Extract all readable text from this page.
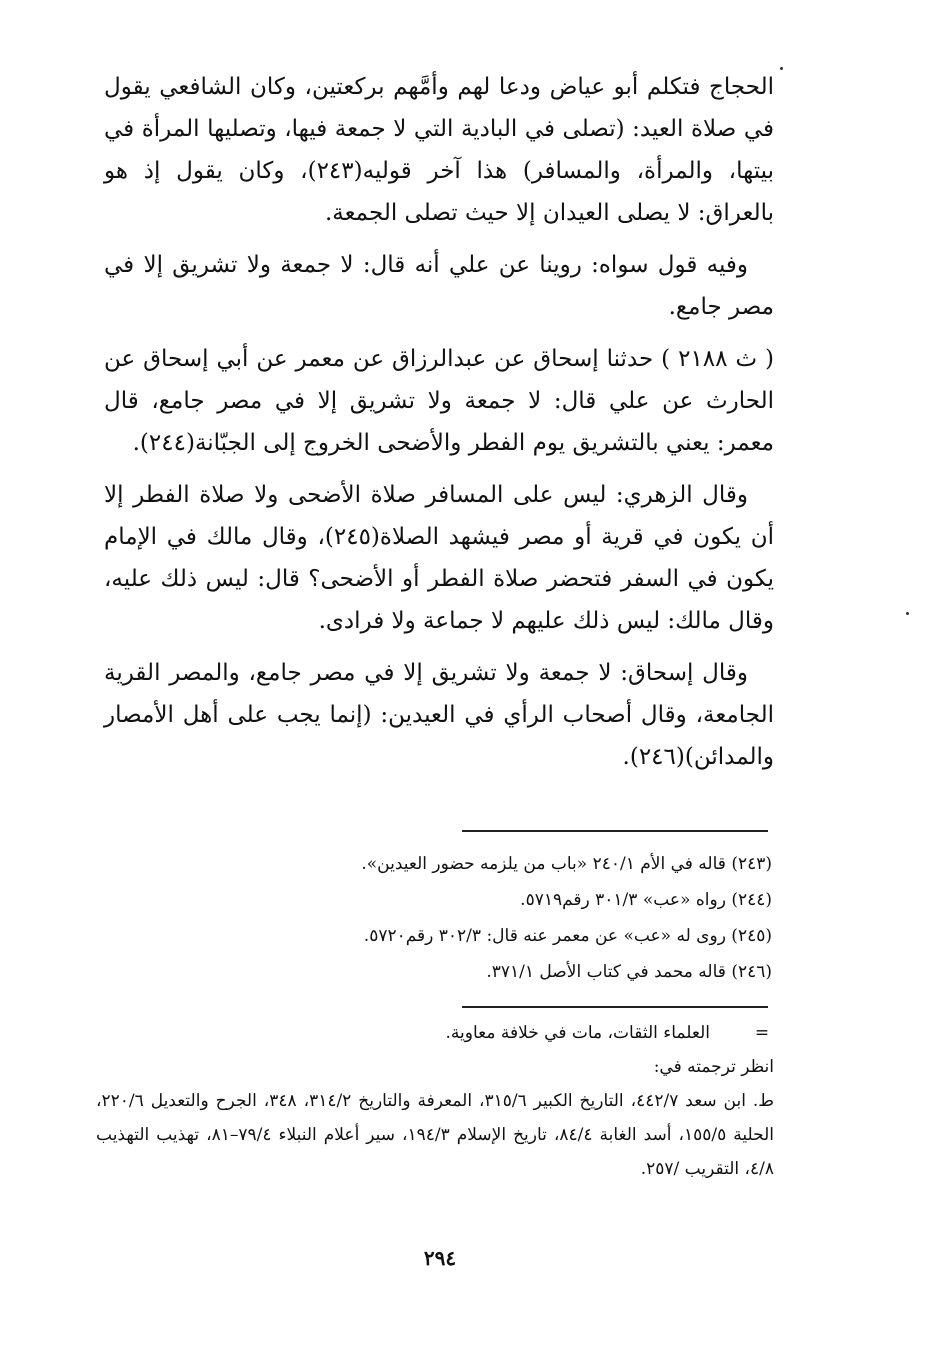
الحجاج فتكلم أبو عياض ودعا لهم وأمَّهم بركعتين، وكان الشافعي يقول في صلاة العيد: (تصلى في البادية التي لا جمعة فيها، وتصليها المرأة في بيتها، والمرأة، والمسافر) هذا آخر قوليه(٢٤٣)، وكان يقول إذ هو بالعراق: لا يصلى العيدان إلا حيث تصلى الجمعة.

وفيه قول سواه: روينا عن علي أنه قال: لا جمعة ولا تشريق إلا في مصر جامع.

( ث ٢١٨٨ ) حدثنا إسحاق عن عبدالرزاق عن معمر عن أبي إسحاق عن الحارث عن علي قال: لا جمعة ولا تشريق إلا في مصر جامع، قال معمر: يعني بالتشريق يوم الفطر والأضحى الخروج إلى الجبّانة(٢٤٤).

وقال الزهري: ليس على المسافر صلاة الأضحى ولا صلاة الفطر إلا أن يكون في قرية أو مصر فيشهد الصلاة(٢٤٥)، وقال مالك في الإمام يكون في السفر فتحضر صلاة الفطر أو الأضحى؟ قال: ليس ذلك عليه، وقال مالك: ليس ذلك عليهم لا جماعة ولا فرادى.

وقال إسحاق: لا جمعة ولا تشريق إلا في مصر جامع، والمصر القرية الجامعة، وقال أصحاب الرأي في العيدين: (إنما يجب على أهل الأمصار والمدائن)(٢٤٦).

(٢٤٣) قاله في الأم ٢٤٠/١ «باب من يلزمه حضور العيدين».

(٢٤٤) رواه «عب» ٣٠١/٣ رقم٥٧١٩.

(٢٤٥) روى له «عب» عن معمر عنه قال: ٣٠٢/٣ رقم٥٧٢٠.

(٢٤٦) قاله محمد في كتاب الأصل ٣٧١/١.

=
العلماء الثقات، مات في خلافة معاوية.

انظر ترجمته في:

ط. ابن سعد ٤٤٢/٧، التاريخ الكبير ٣١٥/٦، المعرفة والتاريخ ٣١٤/٢، ٣٤٨، الجرح والتعديل ٢٢٠/٦، الحلية ١٥٥/٥، أسد الغابة ٨٤/٤، تاريخ الإسلام ١٩٤/٣، سير أعلام النبلاء ٧٩/٤–٨١، تهذيب التهذيب ٤/٨، التقريب /٢٥٧.

٢٩٤
